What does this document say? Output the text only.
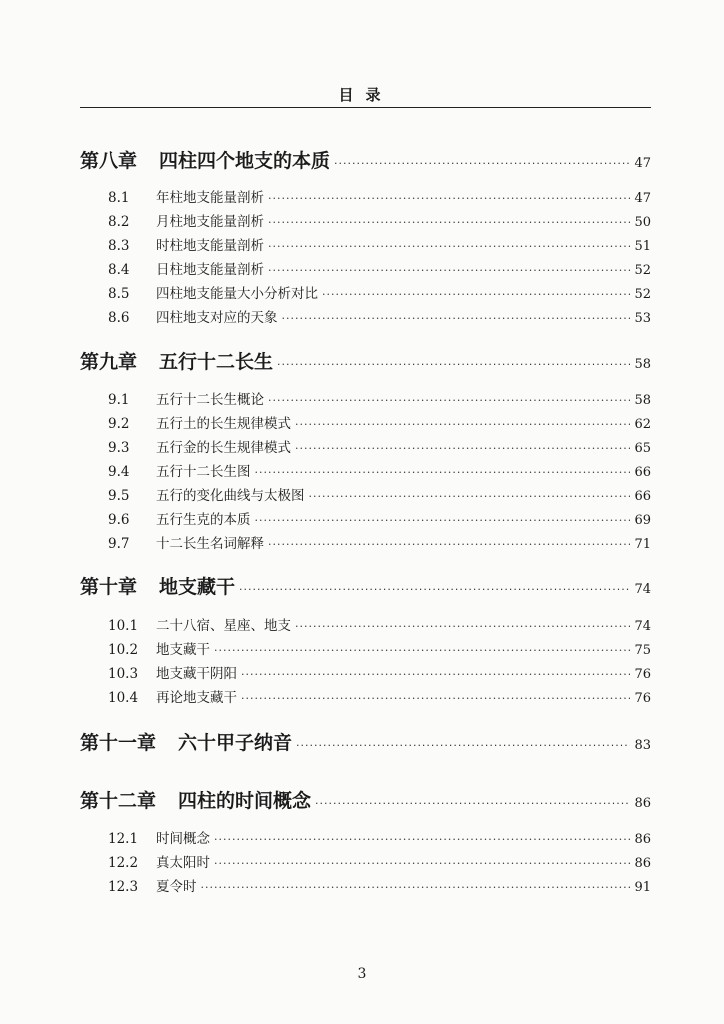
目录
第八章 四柱四个地支的本质 ·····	47
8.1	年柱地支能量剖析 ·····	47
8.2	月柱地支能量剖析 ·····	50
8.3	时柱地支能量剖析 ·····	51
8.4	日柱地支能量剖析 ·····	52
8.5	四柱地支能量大小分析对比 ·····	52
8.6	四柱地支对应的天象 ·····	53
第九章 五行十二长生 ·····	58
9.1	五行十二长生概论 ·····	58
9.2	五行土的长生规律模式 ·····	62
9.3	五行金的长生规律模式 ·····	65
9.4	五行十二长生图 ·····	66
9.5	五行的变化曲线与太极图 ·····	66
9.6	五行生克的本质 ·····	69
9.7	十二长生名词解释 ·····	71
第十章 地支藏干 ·····	74
10.1	二十八宿、星座、地支 ·····	74
10.2	地支藏干 ·····	75
10.3	地支藏干阴阳 ·····	76
10.4	再论地支藏干 ·····	76
第十一章 六十甲子纳音 ·····	83
第十二章 四柱的时间概念 ·····	86
12.1	时间概念 ·····	86
12.2	真太阳时 ·····	86
12.3	夏令时 ·····	91
3
